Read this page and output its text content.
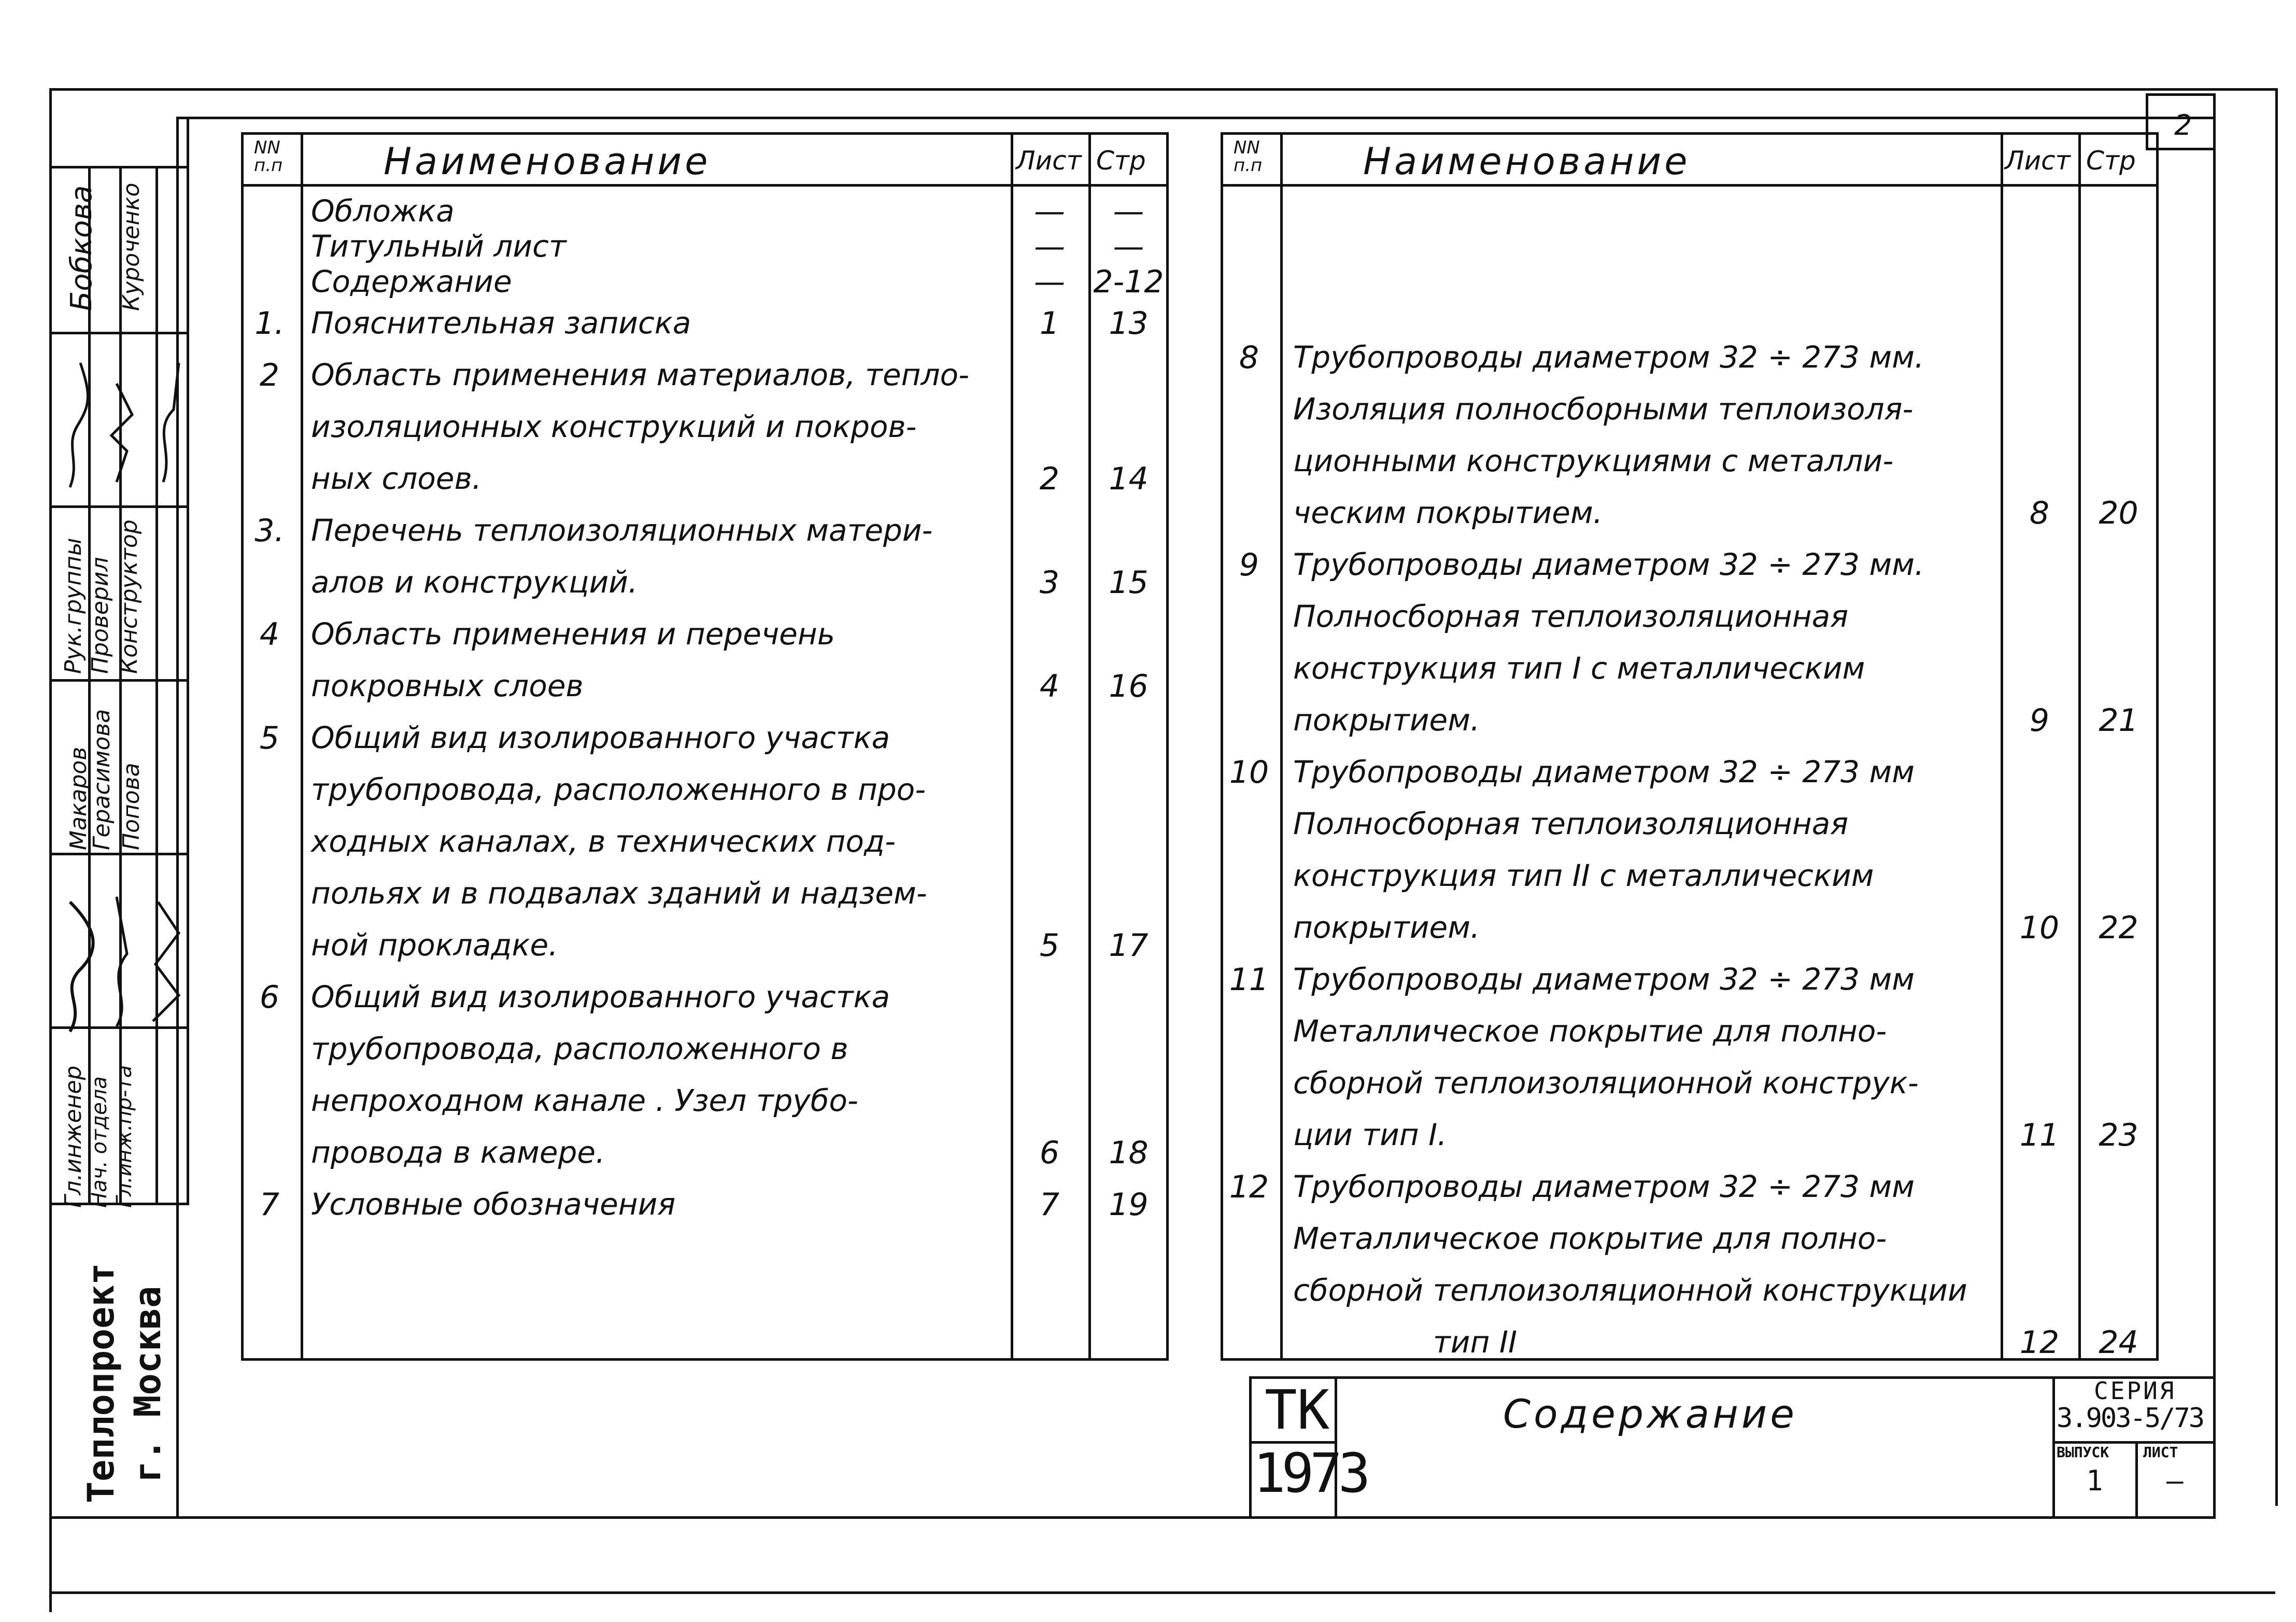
2
Гл.инженер Нач. отдела Гл.инж.пр-та
Рук.группы Проверил Конструктор
Бобкова Куроченко
Макаров
Герасимова Попова
Теплопроект г. Москва
NN п.п	Наименование	Лист Стр
Обложка	—	—
Титульный лист	—	—
Содержание	— 2-12
1. Пояснительная записка	1	13
2	Область применения материалов, тепло-
изоляционных конструкций и покров-
ных слоев.	2	14
3. Перечень теплоизоляционных матери-
алов и конструкций.	3	15
4	Область применения и перечень
покровных слоев	4	16
5	Общий вид изолированного участка
трубопровода, расположенного в про-
ходных каналах, в технических под-
польях и в подвалах зданий и надзем-
ной прокладке.	5	17
6	Общий вид изолированного участка
трубопровода, расположенного в
непроходном канале . Узел трубо-
провода в камере.	6	18
7	Условные обозначения	7	19
NN п.п	Наименование	Лист Стр
8	Трубопроводы диаметром 32 ÷ 273 мм.
Изоляция полносборными теплоизоля-
ционными конструкциями с металли-
ческим покрытием.	8	20
9	Трубопроводы диаметром 32 ÷ 273 мм.
Полносборная теплоизоляционная
конструкция тип I с металлическим
покрытием.	9	21
10 Трубопроводы диаметром 32 ÷ 273 мм
Полносборная теплоизоляционная
конструкция тип II с металлическим
покрытием.	10	22
11 Трубопроводы диаметром 32 ÷ 273 мм
Металлическое покрытие для полно-
сборной теплоизоляционной конструк-
ции тип I.	11	23
12 Трубопроводы диаметром 32 ÷ 273 мм
Металлическое покрытие для полно-
сборной теплоизоляционной конструкции
тип II	12	24
ТК
1973
Содержание	СЕРИЯ
3.903-5/73
ВЫПУСК
1
ЛИСТ
–
